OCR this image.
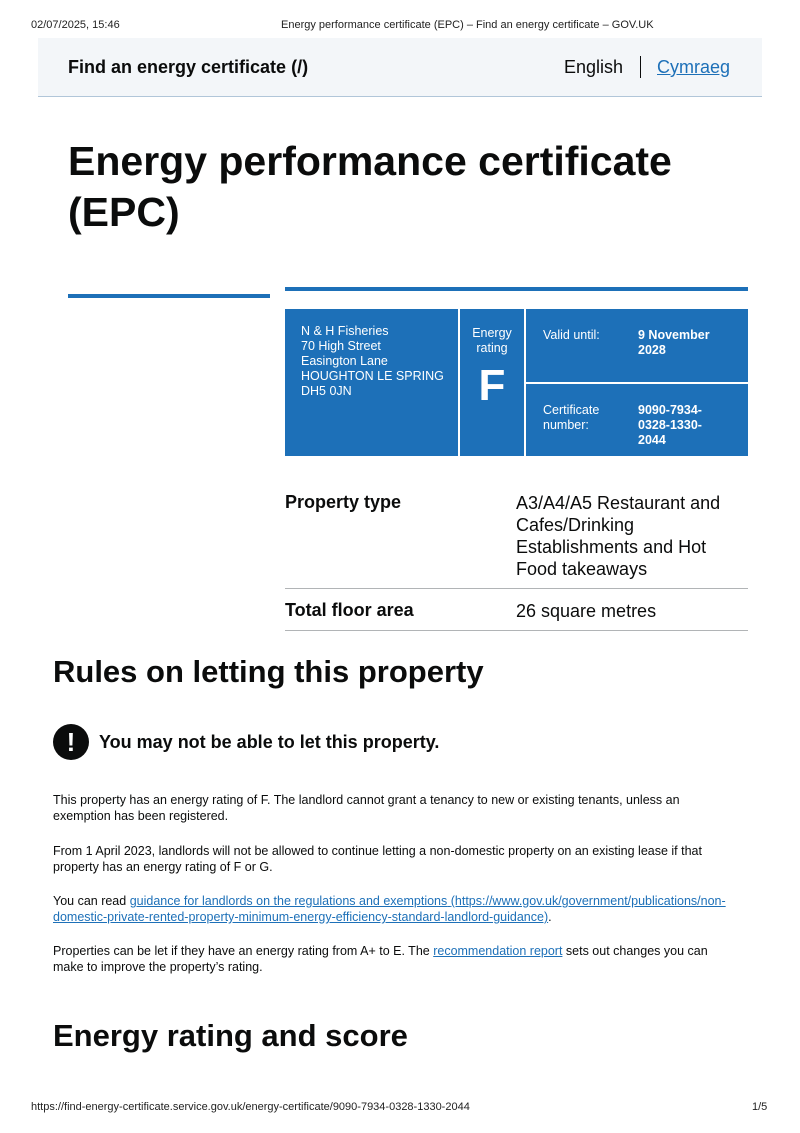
02/07/2025, 15:46	Energy performance certificate (EPC) – Find an energy certificate – GOV.UK
Find an energy certificate (/)	English Cymraeg
Energy performance certificate (EPC)
N & H Fisheries
70 High Street
Easington Lane
HOUGHTON LE SPRING
DH5 0JN
Energy
rating
F
Valid until:	9 November 2028
Certificate
number:
9090-7934-
0328-1330-
2044
Property type	A3/A4/A5 Restaurant and
Cafes/Drinking
Establishments and Hot
Food takeaways
Total floor area	26 square metres
Rules on letting this property
!	You may not be able to let this property.

This property has an energy rating of F. The landlord cannot grant a tenancy to new or existing tenants, unless an
exemption has been registered.

From 1 April 2023, landlords will not be allowed to continue letting a non-domestic property on an existing lease if that
property has an energy rating of F or G.

You can read guidance for landlords on the regulations and exemptions (https://www.gov.uk/government/publications/non-
domestic-private-rented-property-minimum-energy-efficiency-standard-landlord-guidance).

Properties can be let if they have an energy rating from A+ to E. The recommendation report sets out changes you can
make to improve the property’s rating.

Energy rating and score
https://find-energy-certificate.service.gov.uk/energy-certificate/9090-7934-0328-1330-2044	1/5
